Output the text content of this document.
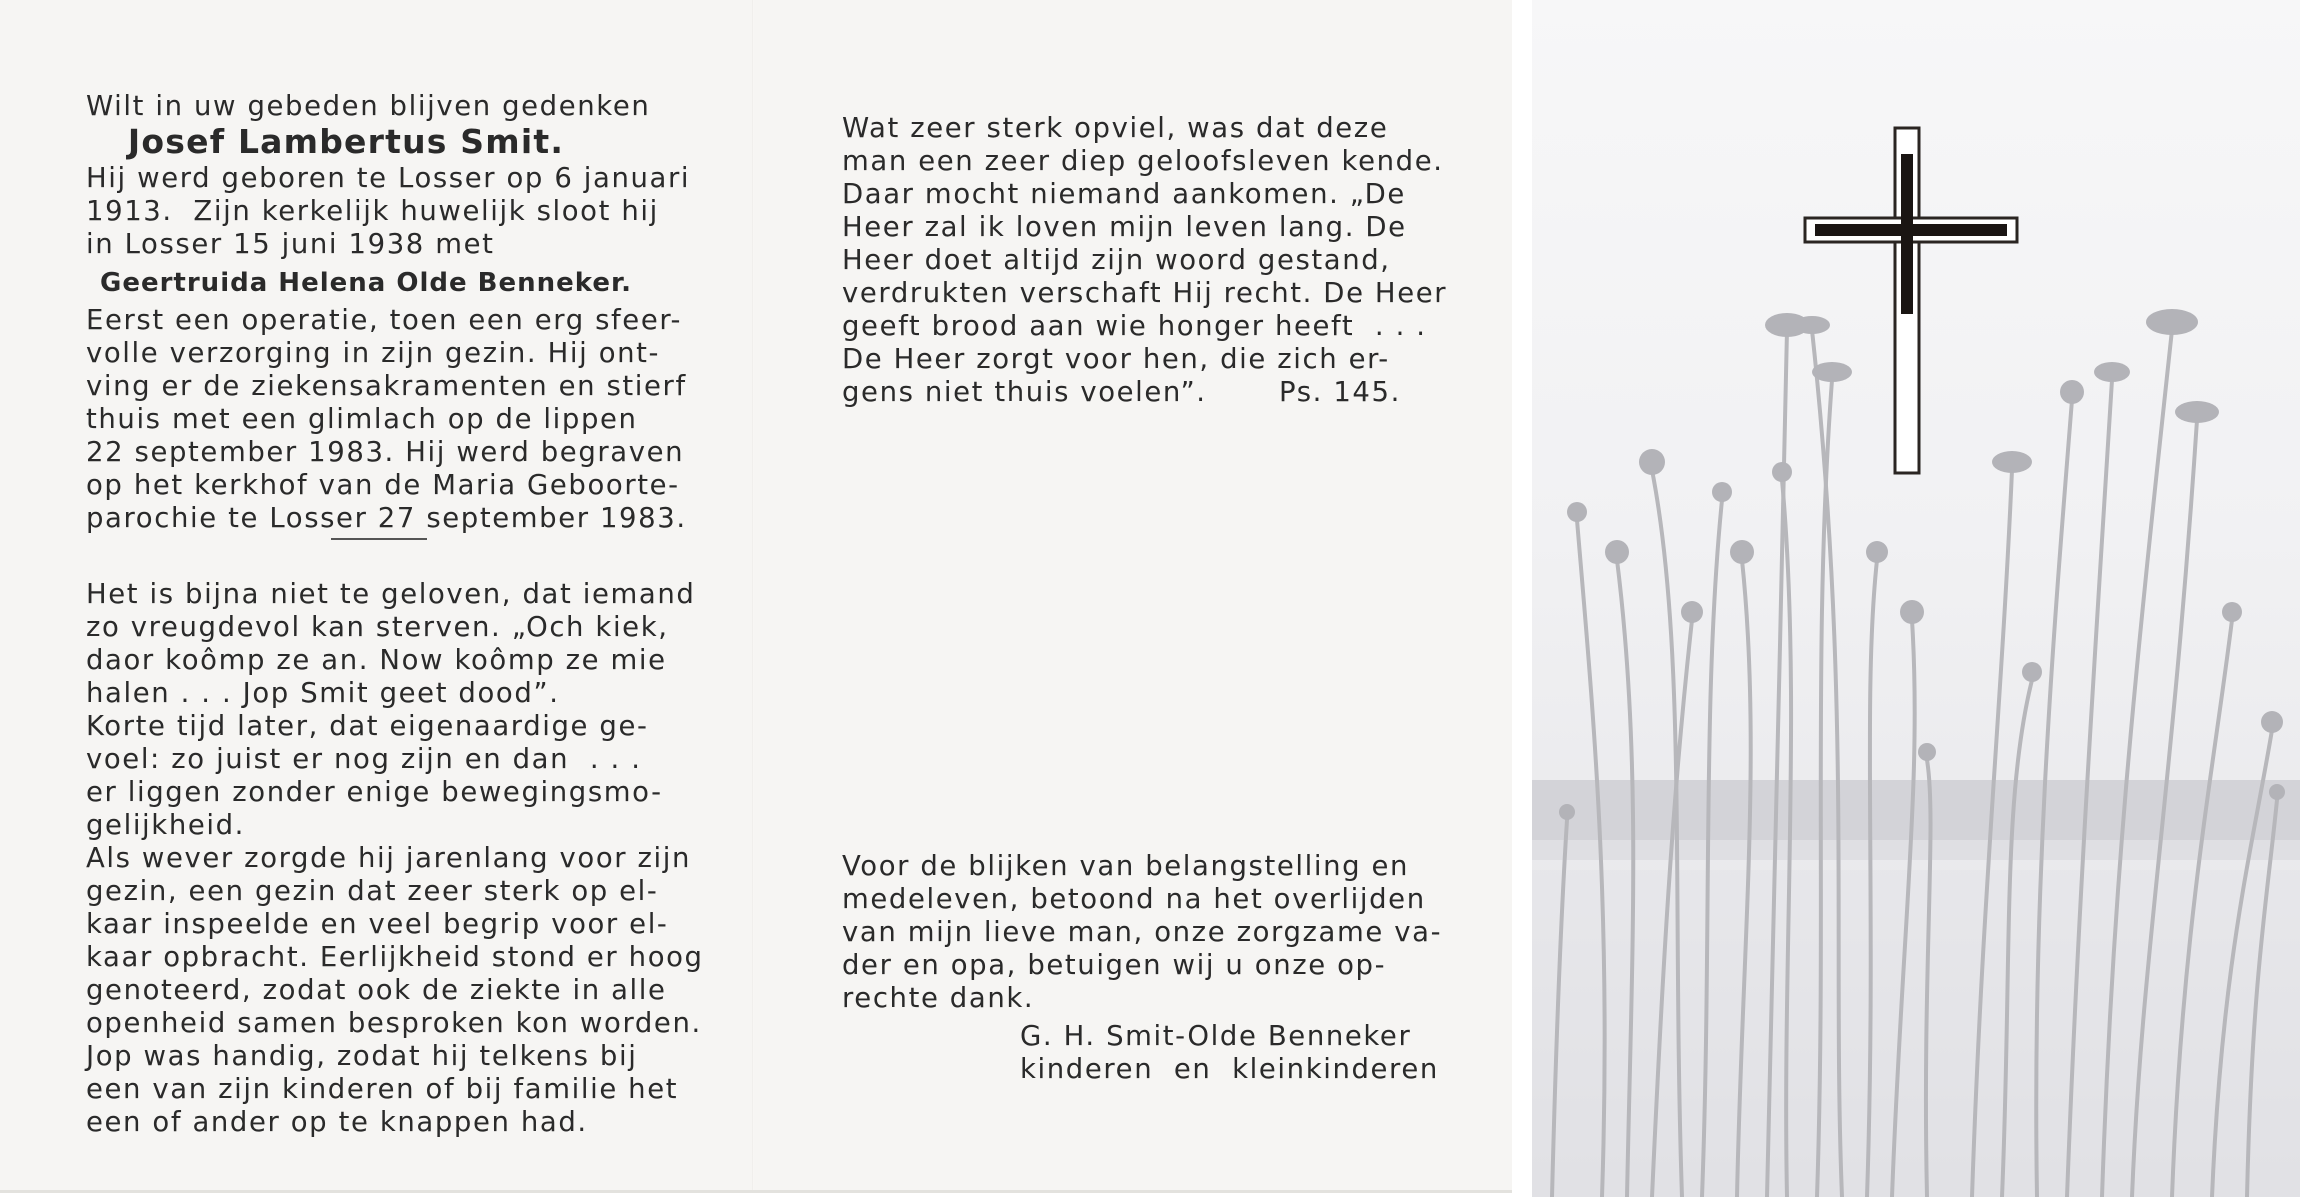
Wilt in uw gebeden blijven gedenken

Josef Lambertus Smit.

Hij werd geboren te Losser op 6 januari

1913.  Zijn kerkelijk huwelijk sloot hij

in Losser 15 juni 1938 met

Geertruida Helena Olde Benneker.

Eerst een operatie, toen een erg sfeer-

volle verzorging in zijn gezin. Hij ont-

ving er de ziekensakramenten en stierf

thuis met een glimlach op de lippen

22 september 1983. Hij werd begraven

op het kerkhof van de Maria Geboorte-

parochie te Losser 27 september 1983.

Het is bijna niet te geloven, dat iemand

zo vreugdevol kan sterven. „Och kiek,

daor koômp ze an. Now koômp ze mie

halen . . . Jop Smit geet dood”.

Korte tijd later, dat eigenaardige ge-

voel: zo juist er nog zijn en dan  . . .

er liggen zonder enige bewegingsmo-

gelijkheid.

Als wever zorgde hij jarenlang voor zijn

gezin, een gezin dat zeer sterk op el-

kaar inspeelde en veel begrip voor el-

kaar opbracht. Eerlijkheid stond er hoog

genoteerd, zodat ook de ziekte in alle

openheid samen besproken kon worden.

Jop was handig, zodat hij telkens bij

een van zijn kinderen of bij familie het

een of ander op te knappen had.

Wat zeer sterk opviel, was dat deze

man een zeer diep geloofsleven kende.

Daar mocht niemand aankomen. „De

Heer zal ik loven mijn leven lang. De

Heer doet altijd zijn woord gestand,

verdrukten verschaft Hij recht. De Heer

geeft brood aan wie honger heeft  . . .

De Heer zorgt voor hen, die zich er-

gens niet thuis voelen”.       Ps. 145.

Voor de blijken van belangstelling en

medeleven, betoond na het overlijden

van mijn lieve man, onze zorgzame va-

der en opa, betuigen wij u onze op-

rechte dank.

G. H. Smit-Olde Benneker

kinderen  en  kleinkinderen
